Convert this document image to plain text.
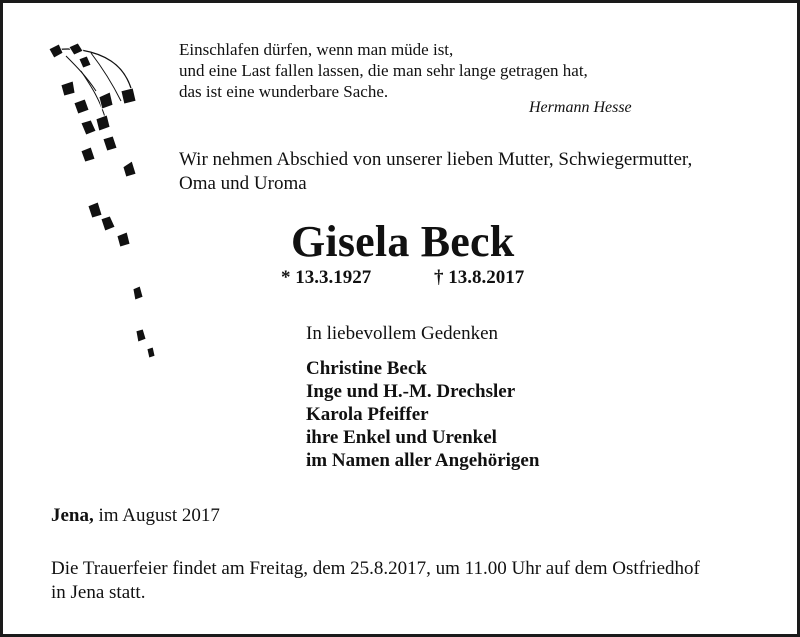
Einschlafen dürfen, wenn man müde ist,
und eine Last fallen lassen, die man sehr lange getragen hat,
das ist eine wunderbare Sache.
Hermann Hesse
Wir nehmen Abschied von unserer lieben Mutter, Schwiegermutter,
Oma und Uroma
Gisela Beck
* 13.3.1927	† 13.8.2017
In liebevollem Gedenken
Christine Beck
Inge und H.-M. Drechsler
Karola Pfeiffer
ihre Enkel und Urenkel
im Namen aller Angehörigen
Jena, im August 2017
Die Trauerfeier findet am Freitag, dem 25.8.2017, um 11.00 Uhr auf dem Ostfriedhof
in Jena statt.
